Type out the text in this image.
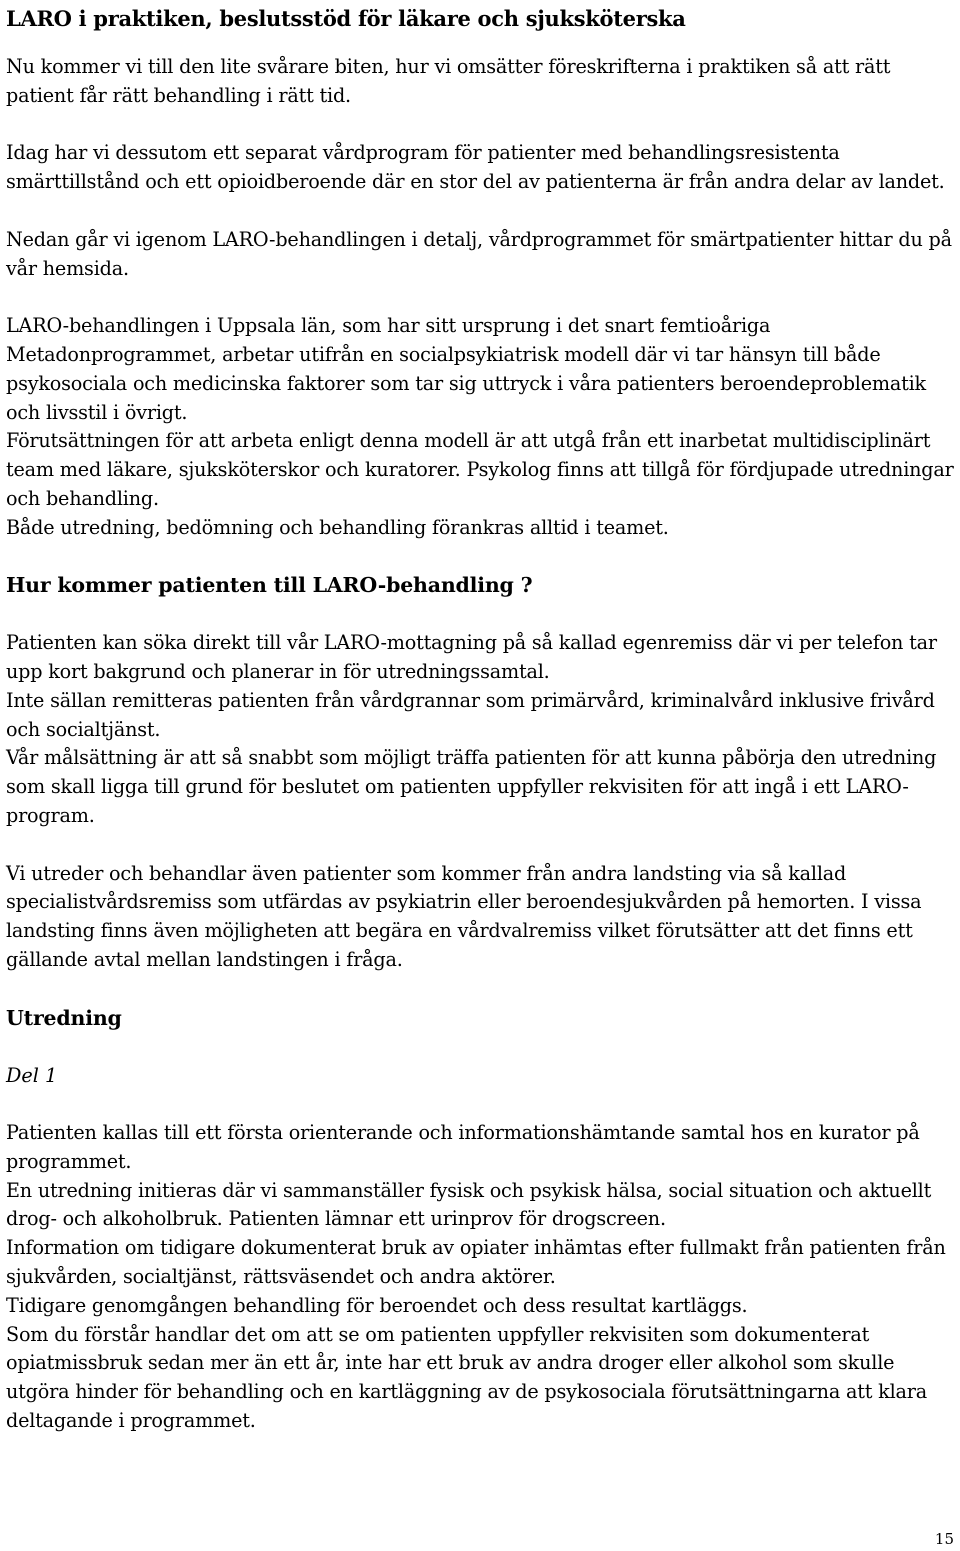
LARO i praktiken, beslutsstöd för läkare och sjuksköterska

Nu kommer vi till den lite svårare biten, hur vi omsätter föreskrifterna i praktiken så att rätt patient får rätt behandling i rätt tid.

Idag har vi dessutom ett separat vårdprogram för patienter med behandlingsresistenta smärttillstånd och ett opioidberoende där en stor del av patienterna är från andra delar av landet.

Nedan går vi igenom LARO-behandlingen i detalj, vårdprogrammet för smärtpatienter hittar du på vår hemsida.

LARO-behandlingen i Uppsala län, som har sitt ursprung i det snart femtioåriga Metadonprogrammet, arbetar utifrån en socialpsykiatrisk modell där vi tar hänsyn till både psykosociala och medicinska faktorer som tar sig uttryck i våra patienters beroendeproblematik och livsstil i övrigt.

Förutsättningen för att arbeta enligt denna modell är att utgå från ett inarbetat multidisciplinärt team med läkare, sjuksköterskor och kuratorer. Psykolog finns att tillgå för fördjupade utredningar och behandling.

Både utredning, bedömning och behandling förankras alltid i teamet.

Hur kommer patienten till LARO-behandling ?

Patienten kan söka direkt till vår LARO-mottagning på så kallad egenremiss där vi per telefon tar upp kort bakgrund och planerar in för utredningssamtal.

Inte sällan remitteras patienten från vårdgrannar som primärvård, kriminalvård inklusive frivård och socialtjänst.

Vår målsättning är att så snabbt som möjligt träffa patienten för att kunna påbörja den utredning som skall ligga till grund för beslutet om patienten uppfyller rekvisiten för att ingå i ett LARO-program.

Vi utreder och behandlar även patienter som kommer från andra landsting via så kallad specialistvårdsremiss som utfärdas av psykiatrin eller beroendesjukvården på hemorten. I vissa landsting finns även möjligheten att begära en vårdvalremiss vilket förutsätter att det finns ett gällande avtal mellan landstingen i fråga.

Utredning
Del 1

Patienten kallas till ett första orienterande och informationshämtande samtal hos en kurator på programmet.

En utredning initieras där vi sammanställer fysisk och psykisk hälsa, social situation och aktuellt drog- och alkoholbruk. Patienten lämnar ett urinprov för drogscreen.

Information om tidigare dokumenterat bruk av opiater inhämtas efter fullmakt från patienten från sjukvården, socialtjänst, rättsväsendet och andra aktörer.

Tidigare genomgången behandling för beroendet och dess resultat kartläggs.

Som du förstår handlar det om att se om patienten uppfyller rekvisiten som dokumenterat opiatmissbruk sedan mer än ett år, inte har ett bruk av andra droger eller alkohol som skulle utgöra hinder för behandling och en kartläggning av de psykosociala förutsättningarna att klara deltagande i programmet.

15
